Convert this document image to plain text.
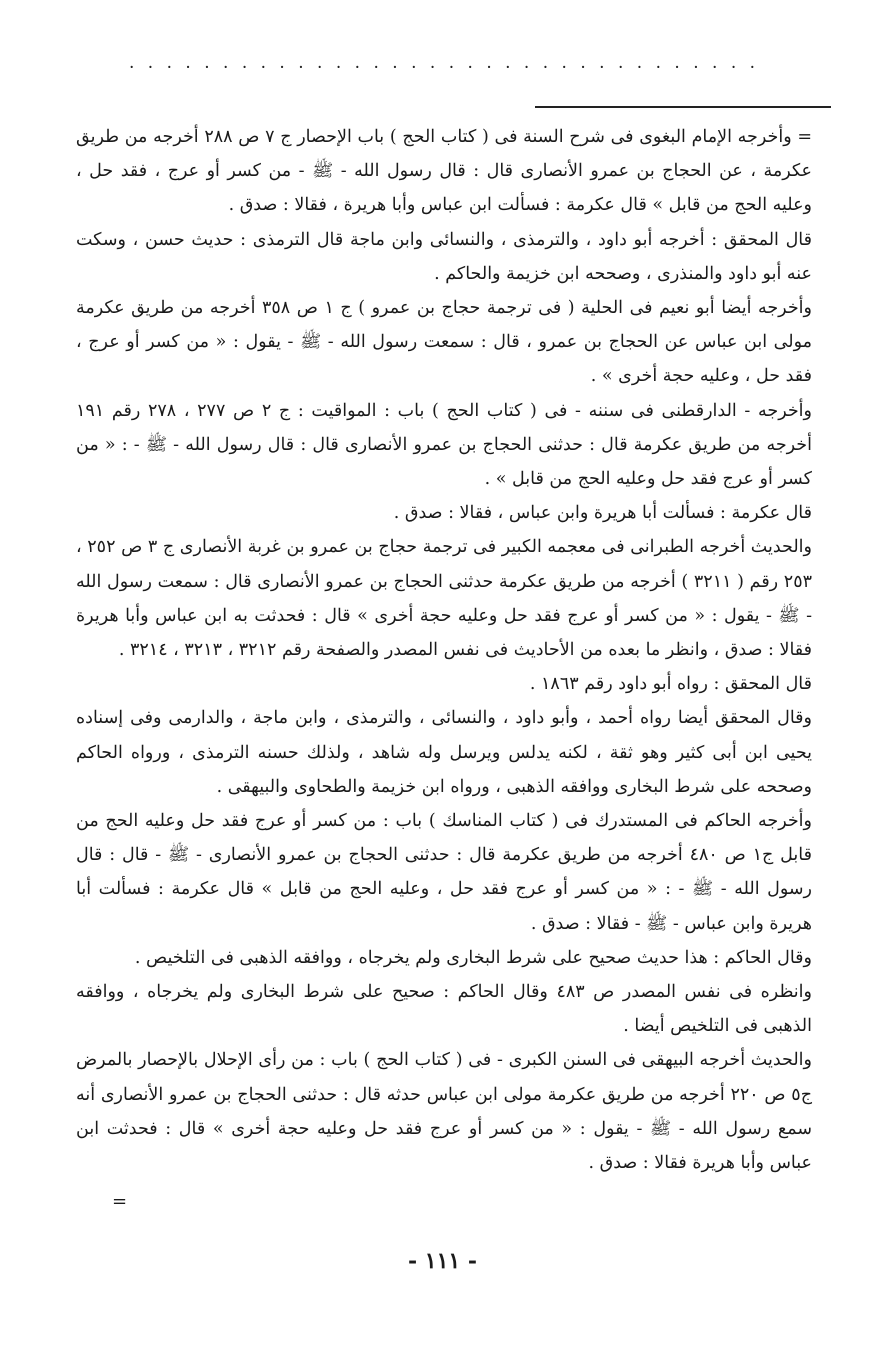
· · · · · · · · · · · · · · · · · · · · · · · · · · · · · · · · · ·

= وأخرجه الإمام البغوى فى شرح السنة فى ( كتاب الحج ) باب الإحصار ج ٧ ص ٢٨٨ أخرجه من طريق عكرمة ، عن الحجاج بن عمرو الأنصارى قال : قال رسول الله - ﷺ - من كسر أو عرج ، فقد حل ، وعليه الحج من قابل » قال عكرمة : فسألت ابن عباس وأبا هريرة ، فقالا : صدق .

قال المحقق : أخرجه أبو داود ، والترمذى ، والنسائى وابن ماجة قال الترمذى : حديث حسن ، وسكت عنه أبو داود والمنذرى ، وصححه ابن خزيمة والحاكم .

وأخرجه أيضا أبو نعيم فى الحلية ( فى ترجمة حجاج بن عمرو ) ج ١ ص ٣٥٨ أخرجه من طريق عكرمة مولى ابن عباس عن الحجاج بن عمرو ، قال : سمعت رسول الله - ﷺ - يقول : « من كسر أو عرج ، فقد حل ، وعليه حجة أخرى » .

وأخرجه - الدارقطنى فى سننه - فى ( كتاب الحج ) باب : المواقيت : ج ٢ ص ٢٧٧ ، ٢٧٨ رقم ١٩١ أخرجه من طريق عكرمة قال : حدثنى الحجاج بن عمرو الأنصارى قال : قال رسول الله - ﷺ - : « من كسر أو عرج فقد حل وعليه الحج من قابل » .

قال عكرمة : فسألت أبا هريرة وابن عباس ، فقالا : صدق .

والحديث أخرجه الطبرانى فى معجمه الكبير فى ترجمة حجاج بن عمرو بن غربة الأنصارى ج ٣ ص ٢٥٢ ، ٢٥٣ رقم ( ٣٢١١ ) أخرجه من طريق عكرمة حدثنى الحجاج بن عمرو الأنصارى قال : سمعت رسول الله - ﷺ - يقول : « من كسر أو عرج فقد حل وعليه حجة أخرى » قال : فحدثت به ابن عباس وأبا هريرة فقالا : صدق ، وانظر ما بعده من الأحاديث فى نفس المصدر والصفحة رقم ٣٢١٢ ، ٣٢١٣ ، ٣٢١٤ .

قال المحقق : رواه أبو داود رقم ١٨٦٣ .

وقال المحقق أيضا رواه أحمد ، وأبو داود ، والنسائى ، والترمذى ، وابن ماجة ، والدارمى وفى إسناده يحيى ابن أبى كثير وهو ثقة ، لكنه يدلس ويرسل وله شاهد ، ولذلك حسنه الترمذى ، ورواه الحاكم وصححه على شرط البخارى ووافقه الذهبى ، ورواه ابن خزيمة والطحاوى والبيهقى .

وأخرجه الحاكم فى المستدرك فى ( كتاب المناسك ) باب : من كسر أو عرج فقد حل وعليه الحج من قابل ج١ ص ٤٨٠ أخرجه من طريق عكرمة قال : حدثنى الحجاج بن عمرو الأنصارى - ﷺ - قال : قال رسول الله - ﷺ - : « من كسر أو عرج فقد حل ، وعليه الحج من قابل » قال عكرمة : فسألت أبا هريرة وابن عباس - ﷺ - فقالا : صدق .

وقال الحاكم : هذا حديث صحيح على شرط البخارى ولم يخرجاه ، ووافقه الذهبى فى التلخيص .

وانظره فى نفس المصدر ص ٤٨٣ وقال الحاكم : صحيح على شرط البخارى ولم يخرجاه ، ووافقه الذهبى فى التلخيص أيضا .

والحديث أخرجه البيهقى فى السنن الكبرى - فى ( كتاب الحج ) باب : من رأى الإحلال بالإحصار بالمرض ج٥ ص ٢٢٠ أخرجه من طريق عكرمة مولى ابن عباس حدثه قال : حدثنى الحجاج بن عمرو الأنصارى أنه سمع رسول الله - ﷺ - يقول : « من كسر أو عرج فقد حل وعليه حجة أخرى » قال : فحدثت ابن عباس وأبا هريرة فقالا : صدق .

=
- ١١١ -
